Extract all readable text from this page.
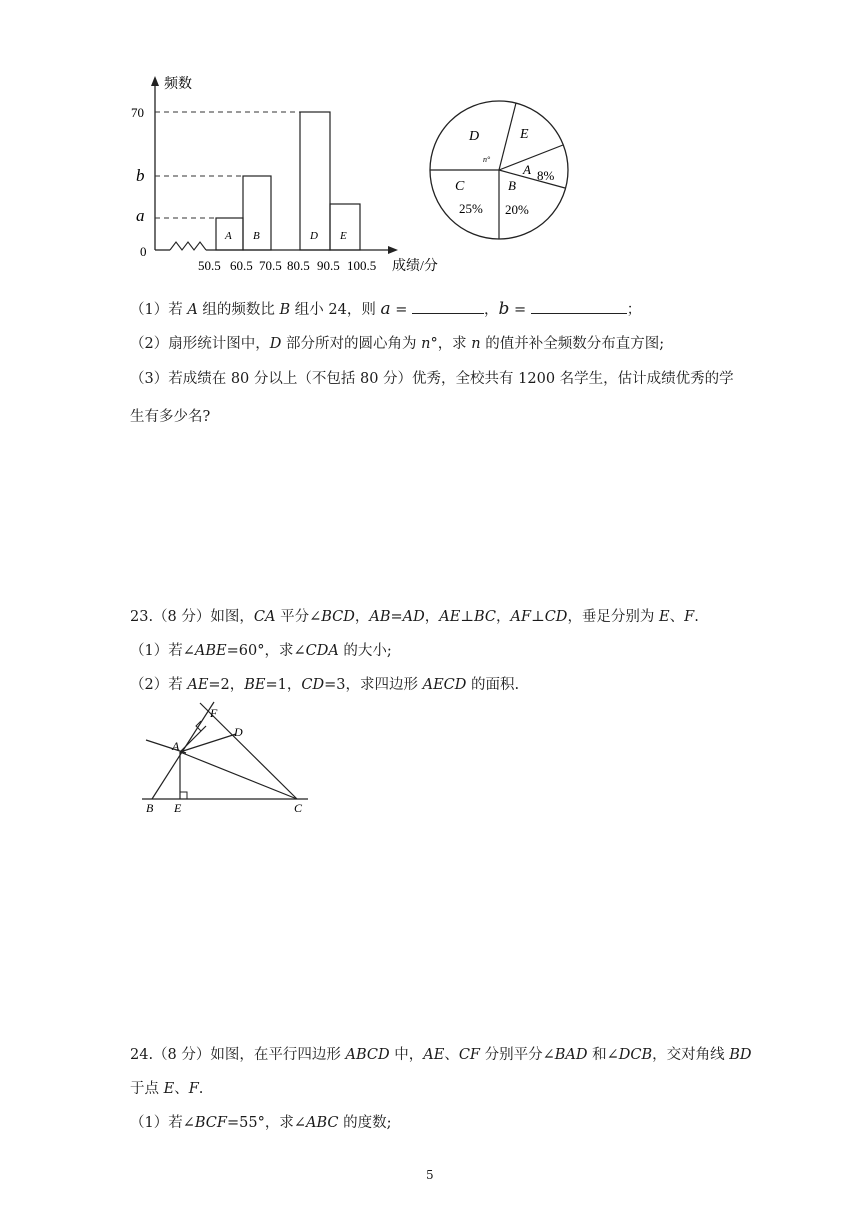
频数
70
b
a
0
A B	D E
50.5 60.5 70.5 80.5 90.5 100.5 成绩/分
D	E
A 8%
B
20%
C
25%
n°
（1）若 A 组的频数比 B 组小 24，则 a =	，b =	；
（2）扇形统计图中，D 部分所对的圆心角为 n°，求 n 的值并补全频数分布直方图;
（3）若成绩在 80 分以上（不包括 80 分）优秀，全校共有 1200 名学生，估计成绩优秀的学
生有多少名?
23.（8 分）如图，CA 平分∠BCD，AB=AD，AE⊥BC，AF⊥CD，垂足分别为 E、F.
（1）若∠ABE=60°，求∠CDA 的大小;
（2）若 AE=2，BE=1，CD=3，求四边形 AECD 的面积.
F
D
A
B E	C
24.（8 分）如图，在平行四边形 ABCD 中，AE、CF 分别平分∠BAD 和∠DCB，交对角线 BD
于点 E、F.
（1）若∠BCF=55°，求∠ABC 的度数;
5
